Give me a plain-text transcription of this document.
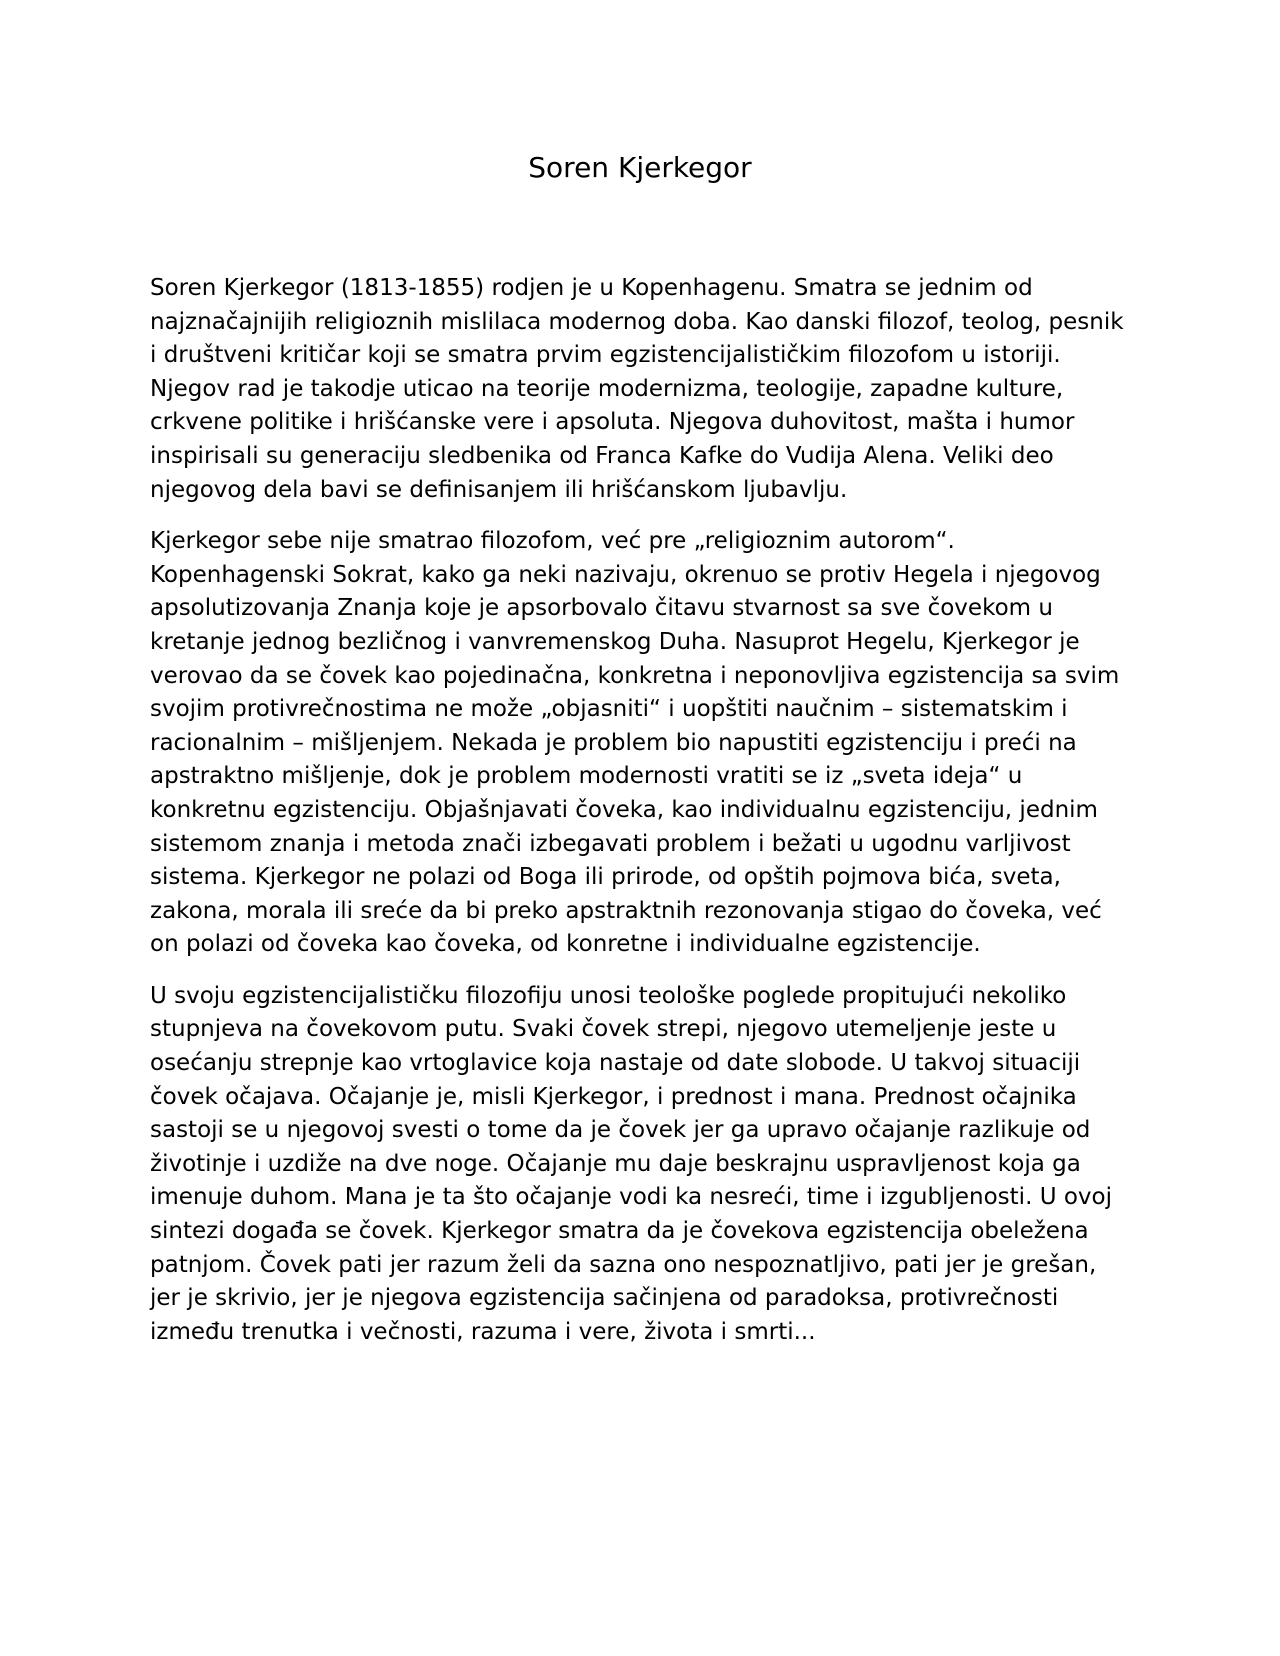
Soren Kjerkegor

Soren Kjerkegor (1813-1855) rodjen je u Kopenhagenu. Smatra se jednim od najznačajnijih religioznih mislilaca modernog doba. Kao danski filozof, teolog, pesnik i društveni kritičar koji se smatra prvim egzistencijalističkim filozofom u istoriji. Njegov rad je takodje uticao na teorije modernizma, teologije, zapadne kulture, crkvene politike i hrišćanske vere i apsoluta. Njegova duhovitost, mašta i humor inspirisali su generaciju sledbenika od Franca Kafke do Vudija Alena. Veliki deo njegovog dela bavi se definisanjem ili hrišćanskom ljubavlju.

Kjerkegor sebe nije smatrao filozofom, već pre „religioznim autorom“. Kopenhagenski Sokrat, kako ga neki nazivaju, okrenuo se protiv Hegela i njegovog apsolutizovanja Znanja koje je apsorbovalo čitavu stvarnost sa sve čovekom u kretanje jednog bezličnog i vanvremenskog Duha. Nasuprot Hegelu, Kjerkegor je verovao da se čovek kao pojedinačna, konkretna i neponovljiva egzistencija sa svim svojim protivrečnostima ne može „objasniti“ i uopštiti naučnim – sistematskim i racionalnim – mišljenjem. Nekada je problem bio napustiti egzistenciju i preći na apstraktno mišljenje, dok je problem modernosti vratiti se iz „sveta ideja“ u konkretnu egzistenciju. Objašnjavati čoveka, kao individualnu egzistenciju, jednim sistemom znanja i metoda znači izbegavati problem i bežati u ugodnu varljivost sistema. Kjerkegor ne polazi od Boga ili prirode, od opštih pojmova bića, sveta, zakona, morala ili sreće da bi preko apstraktnih rezonovanja stigao do čoveka, već on polazi od čoveka kao čoveka, od konretne i individualne egzistencije.

U svoju egzistencijalističku filozofiju unosi teološke poglede propitujući nekoliko stupnjeva na čovekovom putu. Svaki čovek strepi, njegovo utemeljenje jeste u osećanju strepnje kao vrtoglavice koja nastaje od date slobode. U takvoj situaciji čovek očajava. Očajanje je, misli Kjerkegor, i prednost i mana. Prednost očajnika sastoji se u njegovoj svesti o tome da je čovek jer ga upravo očajanje razlikuje od životinje i uzdiže na dve noge. Očajanje mu daje beskrajnu uspravljenost koja ga imenuje duhom. Mana je ta što očajanje vodi ka nesreći, time i izgubljenosti. U ovoj sintezi događa se čovek. Kjerkegor smatra da je čovekova egzistencija obeležena patnjom. Čovek pati jer razum želi da sazna ono nespoznatljivo, pati jer je grešan, jer je skrivio, jer je njegova egzistencija sačinjena od paradoksa, protivrečnosti između trenutka i večnosti, razuma i vere, života i smrti...
